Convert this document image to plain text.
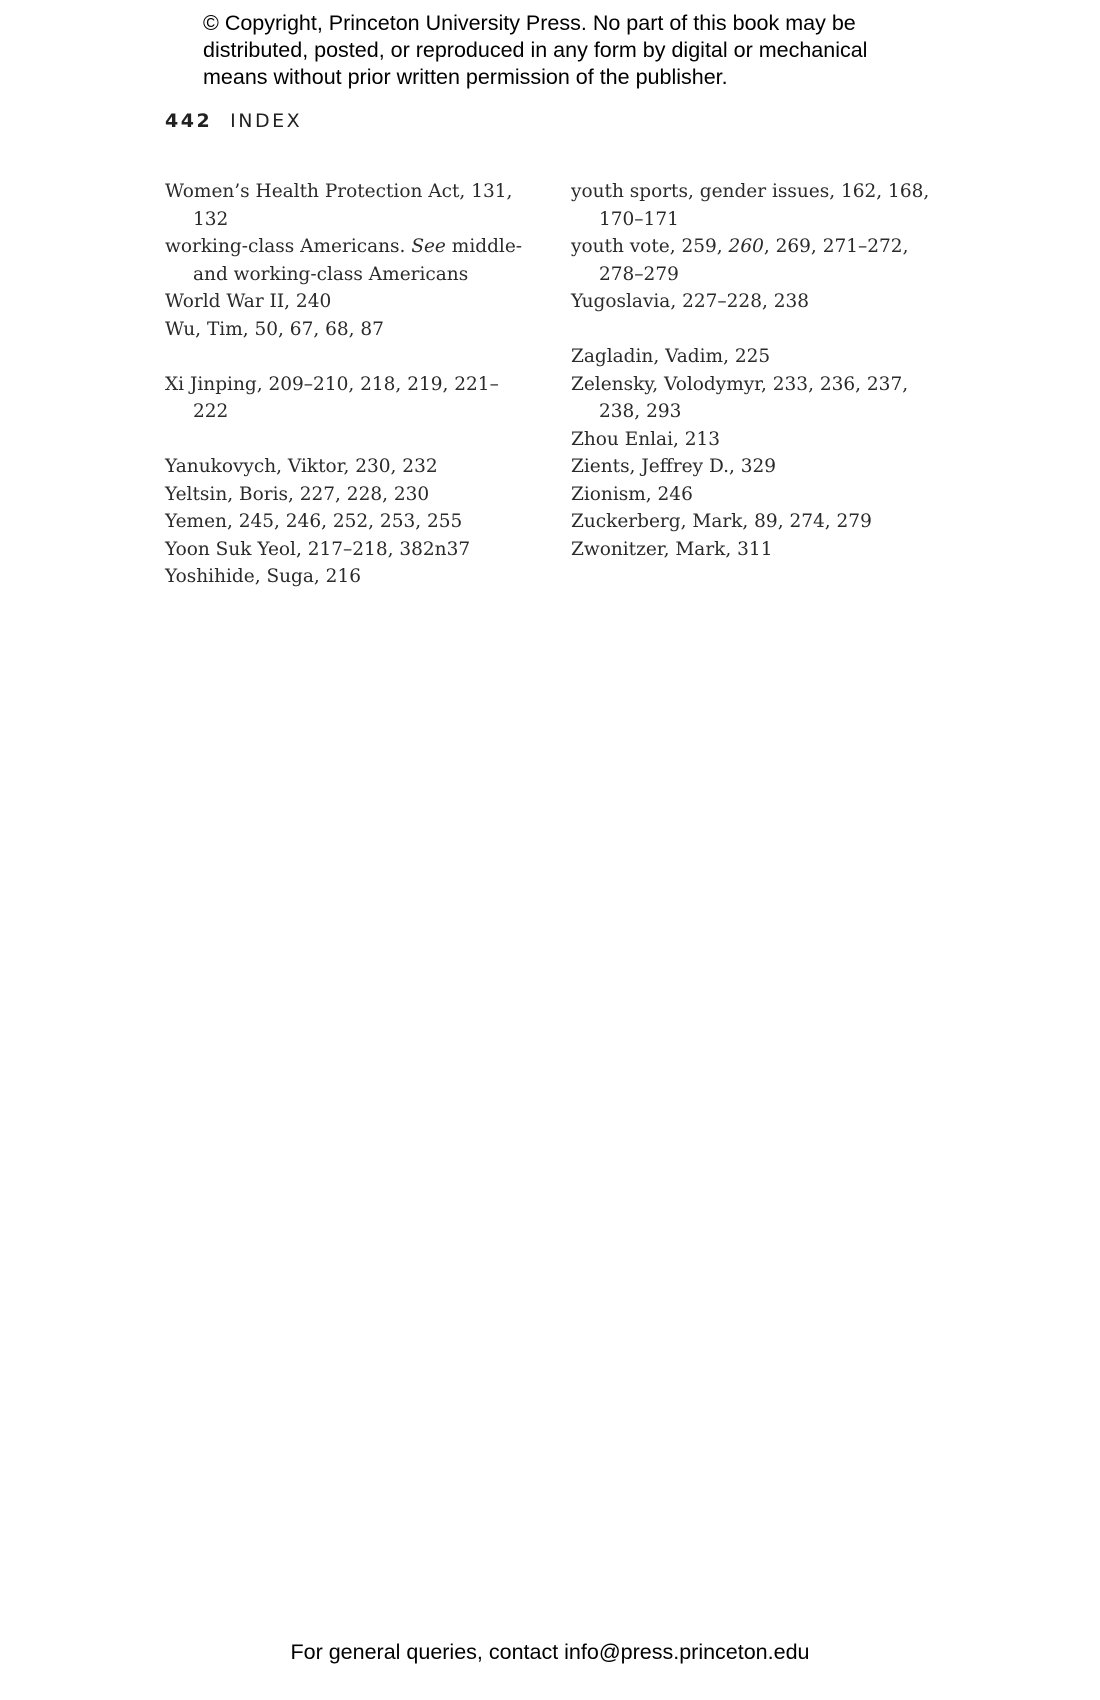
© Copyright, Princeton University Press. No part of this book may be distributed, posted, or reproduced in any form by digital or mechanical means without prior written permission of the publisher.
442 INDEX

Women’s Health Protection Act, 131, 132

working-class Americans. See middle-and working-class Americans

World War II, 240

Wu, Tim, 50, 67, 68, 87

Xi Jinping, 209–210, 218, 219, 221–222

Yanukovych, Viktor, 230, 232

Yeltsin, Boris, 227, 228, 230

Yemen, 245, 246, 252, 253, 255

Yoon Suk Yeol, 217–218, 382n37

Yoshihide, Suga, 216

youth sports, gender issues, 162, 168, 170–171

youth vote, 259, 260, 269, 271–272, 278–279

Yugoslavia, 227–228, 238

Zagladin, Vadim, 225

Zelensky, Volodymyr, 233, 236, 237, 238, 293

Zhou Enlai, 213

Zients, Jeffrey D., 329

Zionism, 246

Zuckerberg, Mark, 89, 274, 279

Zwonitzer, Mark, 311

For general queries, contact info@press.princeton.edu
